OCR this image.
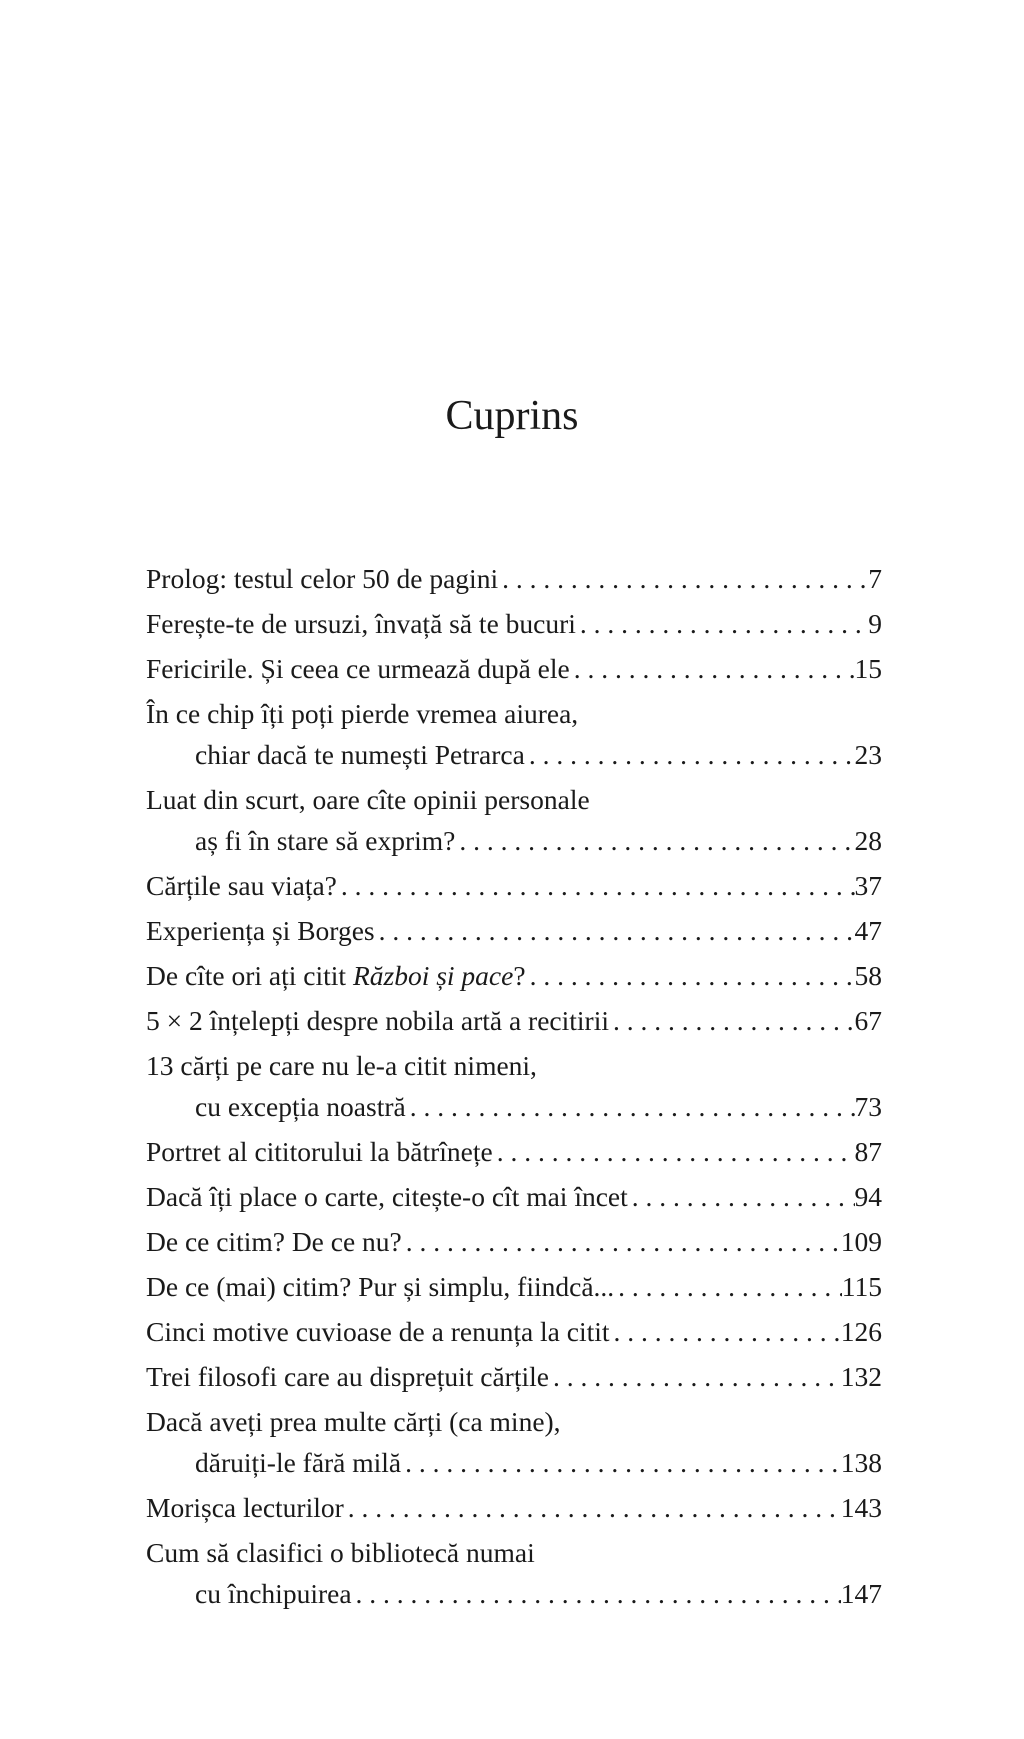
Cuprins
Prolog: testul celor 50 de pagini . . .	7
Ferește-te de ursuzi, învață să te bucuri . . .	9
Fericirile. Și ceea ce urmează după ele . . .	15
În ce chip îți poți pierde vremea aiurea,
chiar dacă te numești Petrarca . . .	23
Luat din scurt, oare cîte opinii personale
aș fi în stare să exprim? . . .	28
Cărțile sau viața? . . .	37
Experiența și Borges . . .	47
De cîte ori ați citit Război și pace? . . .	58
5 × 2 înțelepți despre nobila artă a recitirii . . .	67
13 cărți pe care nu le-a citit nimeni,
cu excepția noastră . . .	73
Portret al cititorului la bătrînețe . . .	87
Dacă îți place o carte, citește-o cît mai încet . . .	94
De ce citim? De ce nu? . . .	109
De ce (mai) citim? Pur și simplu, fiindcă... . . .	115
Cinci motive cuvioase de a renunța la citit . . .	126
Trei filosofi care au disprețuit cărțile . . .	132
Dacă aveți prea multe cărți (ca mine),
dăruiți-le fără milă . . .	138
Morișca lecturilor . . .	143
Cum să clasifici o bibliotecă numai
cu închipuirea . . .	147
